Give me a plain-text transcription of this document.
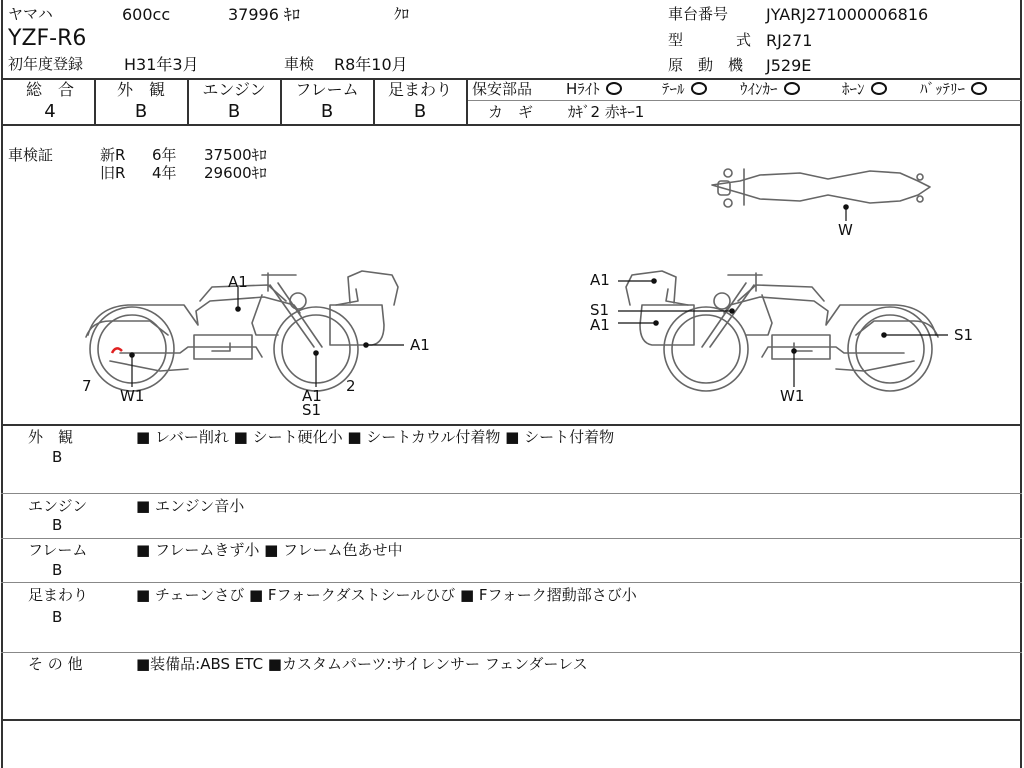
ヤマハ	600cc	37996 ｷﾛ	ｸﾛ
YZF-R6
初年度登録	H31年3月	車検 R8年10月
車台番号 JYARJ271000006816
型	式 RJ271
原　動　機 J529E
総　合	外　観	エンジン	フレーム	足まわり
4	B	B	B	B
保安部品 Hﾗｲﾄ	ﾃｰﾙ	ｳｲﾝｶｰ	ﾎｰﾝ	ﾊﾞｯﾃﾘｰ
カ　ギ ｶｷﾞ2 赤ｷｰ1
車検証	新R 6年 37500ｷﾛ
旧R 4年 29600ｷﾛ
A1
A1
A1
S1
W1
7	2
A1
S1
A1
S1
W1
W
外　観
B
■ レバー削れ ■ シート硬化小 ■ シートカウル付着物 ■ シート付着物
エンジン
B
■ エンジン音小
フレーム
B
■ フレームきず小 ■ フレーム色あせ中
足まわり
B
■ チェーンさび ■ Fフォークダストシールひび ■ Fフォーク摺動部さび小
そ の 他	■装備品:ABS ETC ■カスタムパーツ:サイレンサー フェンダーレス
